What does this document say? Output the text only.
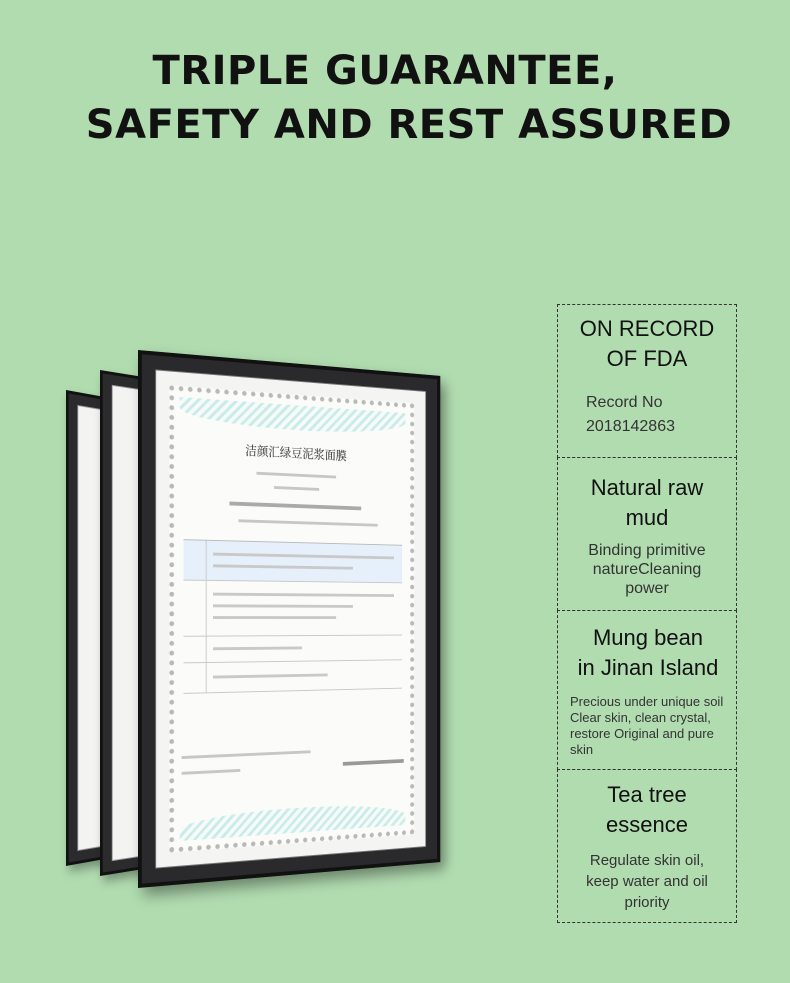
TRIPLE GUARANTEE,
SAFETY AND REST ASSURED
洁颜汇绿豆泥浆面膜
ON RECORD
OF FDA
Record No
2018142863
Natural raw
mud
Binding primitive
natureCleaning
power
Mung bean
in Jinan Island
Precious under unique soil
Clear skin, clean crystal,
restore Original and pure
skin
Tea tree
essence
Regulate skin oil,
keep water and oil
priority
